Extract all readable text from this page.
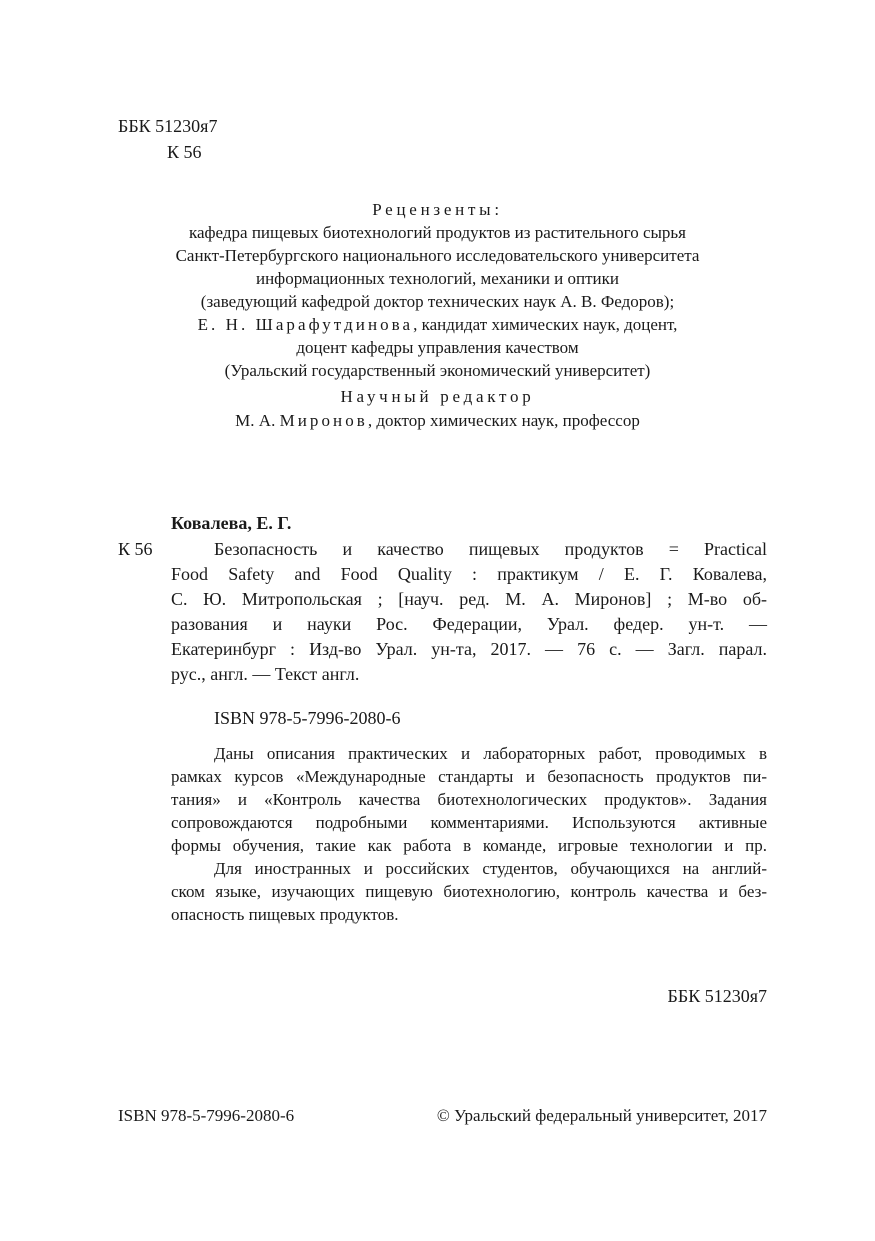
ББК 51230я7
К 56
Рецензенты:
кафедра пищевых биотехнологий продуктов из растительного сырья
Санкт-Петербургского национального исследовательского университета
информационных технологий, механики и оптики
(заведующий кафедрой доктор технических наук А. В. Федоров);
Е. Н. Шарафутдинова, кандидат химических наук, доцент,
доцент кафедры управления качеством
(Уральский государственный экономический университет)
Научный редактор
М. А. Миронов, доктор химических наук, профессор
Ковалева, Е. Г.
К 56	Безопасность и качество пищевых продуктов = Practical
Food Safety and Food Quality : практикум / Е. Г. Ковалева,
С. Ю. Митропольская ; [науч. ред. М. А. Миронов] ; М-во об-
разования и науки Рос. Федерации, Урал. федер. ун-т. —
Екатеринбург : Изд-во Урал. ун-та, 2017. — 76 с. — Загл. парал.
рус., англ. — Текст англ.
ISBN 978-5-7996-2080-6
Даны описания практических и лабораторных работ, проводимых в
рамках курсов «Международные стандарты и безопасность продуктов пи-
тания» и «Контроль качества биотехнологических продуктов». Задания
сопровождаются подробными комментариями. Используются активные
формы обучения, такие как работа в команде, игровые технологии и пр.
Для иностранных и российских студентов, обучающихся на англий-
ском языке, изучающих пищевую биотехнологию, контроль качества и без-
опасность пищевых продуктов.
ББК 51230я7
ISBN 978-5-7996-2080-6	© Уральский федеральный университет, 2017
